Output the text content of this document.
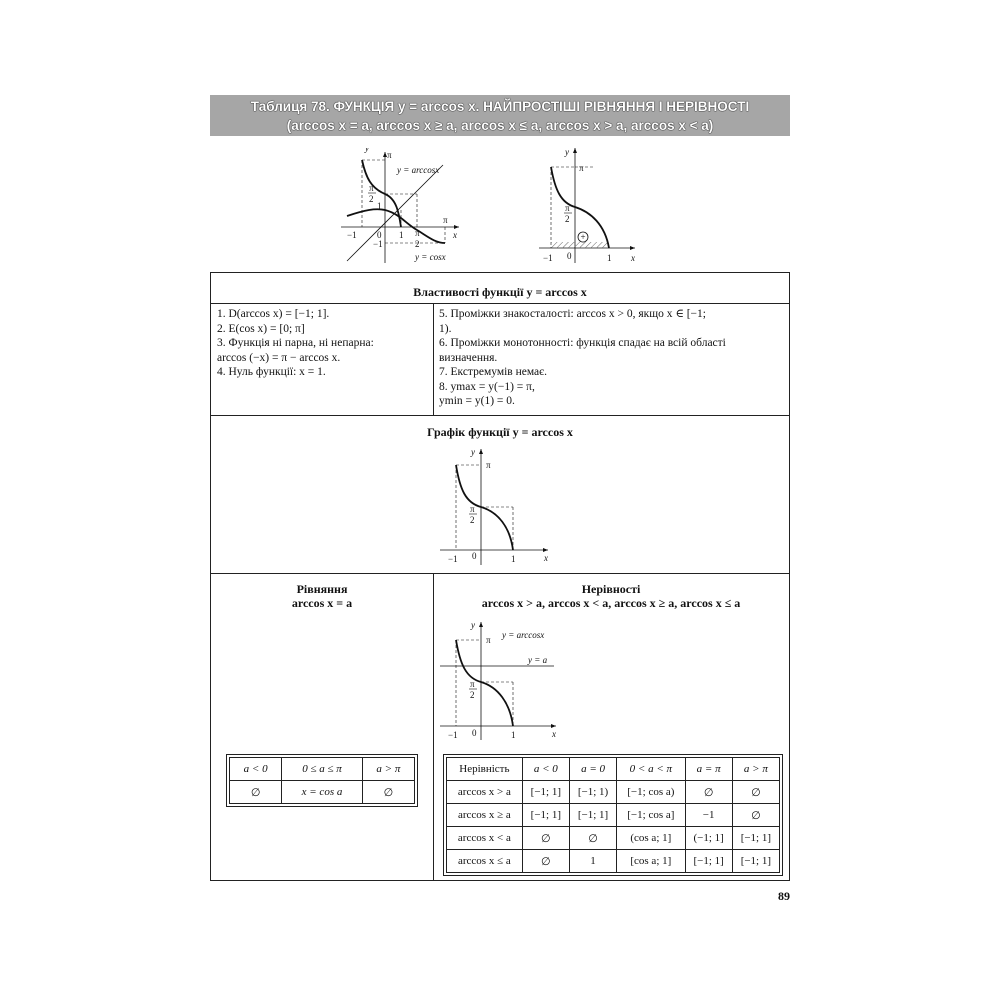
Таблиця 78. ФУНКЦІЯ y = arccos x. НАЙПРОСТІШІ РІВНЯННЯ І НЕРІВНОСТІ
(arccos x = a, arccos x ≥ a, arccos x ≤ a, arccos x > a, arccos x < a)
π
y
y = arccosx
π
2
1
−1 0 1
−1
π
π
2
x
y = cosx
+
y
π
π
2
−1 0	1 x
Властивості функції y = arccos x
1. D(arccos x) = [−1; 1].
2. E(cos x) = [0; π]
3. Функція ні парна, ні непарна:
arccos (−x) = π − arccos x.
4. Нуль функції: x = 1.
5. Проміжки знакосталості: arccos x > 0, якщо x ∈ [−1;
1).
6. Проміжки монотонності: функція спадає на всій області
визначення.
7. Екстремумів немає.
8. ymax = y(−1) = π,
ymin = y(1) = 0.
Графік функції y = arccos x
y
π
π
2
−1 0	1	x
Рівняння
arccos x = a
a < 0	0 ≤ a ≤ π	a > π
∅	x = cos a	∅
Нерівності
arccos x > a, arccos x < a, arccos x ≥ a, arccos x ≤ a
y
π y = arccosx
y = a
π
2
−1 0	1	x
Нерівність	a < 0	a = 0	0 < a < π	a = π	a > π
arccos x > a	[−1; 1]	[−1; 1)	[−1; cos a)	∅	∅
arccos x ≥ a	[−1; 1]	[−1; 1]	[−1; cos a]	−1	∅
arccos x < a	∅	∅	(cos a; 1]	(−1; 1]	[−1; 1]
arccos x ≤ a	∅	1	[cos a; 1]	[−1; 1]	[−1; 1]
89
